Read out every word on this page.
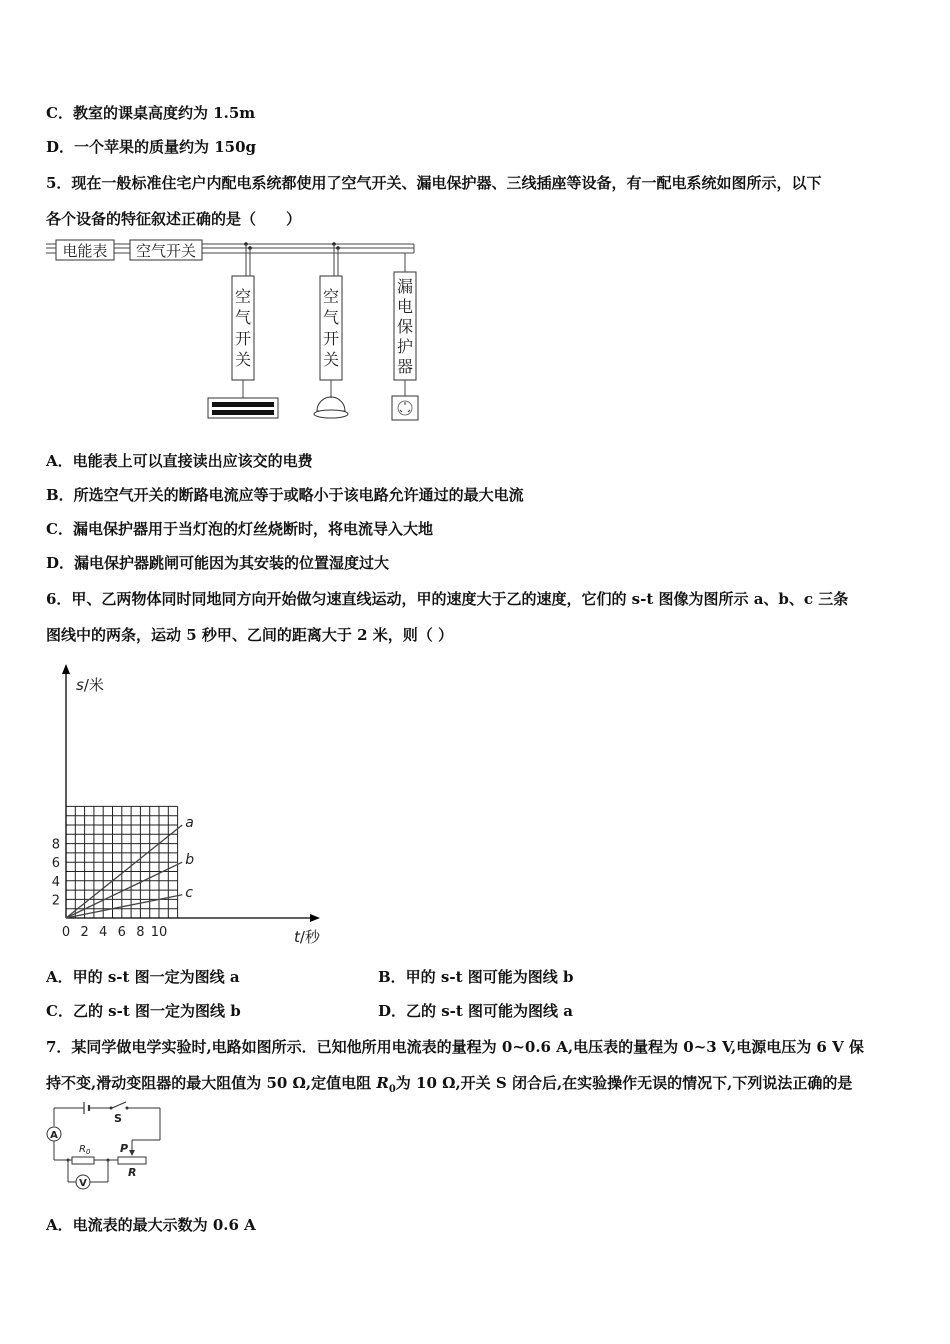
C．教室的课桌高度约为 1.5m
D．一个苹果的质量约为 150g
5．现在一般标准住宅户内配电系统都使用了空气开关、漏电保护器、三线插座等设备，有一配电系统如图所示，以下
各个设备的特征叙述正确的是（　　）
电能表 空气开关
空气开关
空气开关
漏电保护器
A．电能表上可以直接读出应该交的电费
B．所选空气开关的断路电流应等于或略小于该电路允许通过的最大电流
C．漏电保护器用于当灯泡的灯丝烧断时，将电流导入大地
D．漏电保护器跳闸可能因为其安装的位置湿度过大
6．甲、乙两物体同时同地同方向开始做匀速直线运动，甲的速度大于乙的速度，它们的 s-t 图像为图所示 a、b、c 三条
图线中的两条，运动 5 秒甲、乙间的距离大于 2 米，则（ ）
s/米
t/秒
0 2 4 6 8 10
2
4
6
8
a
b
c
A．甲的 s-t 图一定为图线 a	B．甲的 s-t 图可能为图线 b
C．乙的 s-t 图一定为图线 b	D．乙的 s-t 图可能为图线 a
7．某同学做电学实验时,电路如图所示．已知他所用电流表的量程为 0~0.6 A,电压表的量程为 0~3 V,电源电压为 6 V 保
持不变,滑动变阻器的最大阻值为 50 Ω,定值电阻 $R_0$为 10 Ω,开关 S 闭合后,在实验操作无误的情况下,下列说法正确的是
S
P
A
$R_0$
R
V
A．电流表的最大示数为 0.6 A
